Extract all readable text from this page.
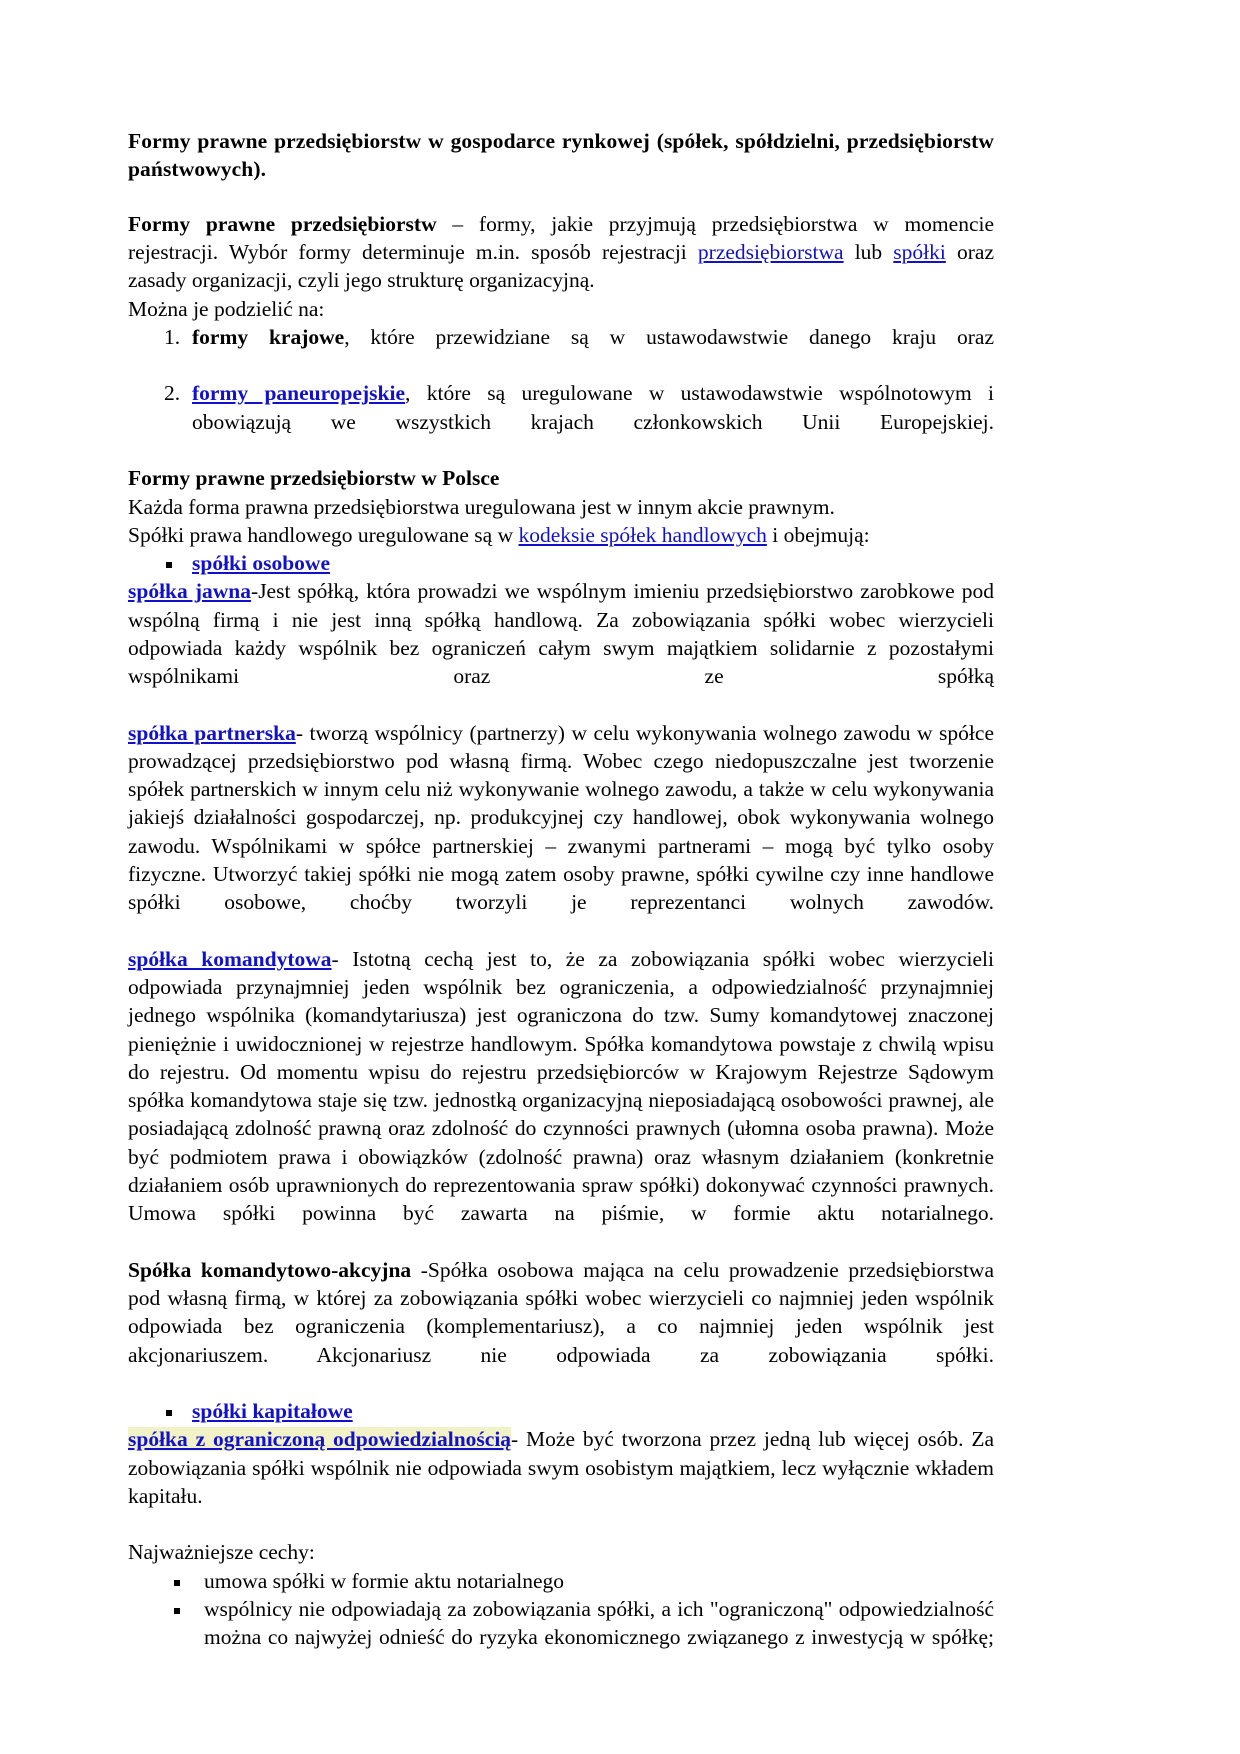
Formy prawne przedsiębiorstw w gospodarce rynkowej (spółek, spółdzielni, przedsiębiorstw państwowych).

Formy prawne przedsiębiorstw – formy, jakie przyjmują przedsiębiorstwa w momencie rejestracji. Wybór formy determinuje m.in. sposób rejestracji przedsiębiorstwa lub spółki oraz zasady organizacji, czyli jego strukturę organizacyjną.

Można je podzielić na:

formy krajowe, które przewidziane są w ustawodawstwie danego kraju oraz
formy paneuropejskie, które są uregulowane w ustawodawstwie wspólnotowym i obowiązują we wszystkich krajach członkowskich Unii Europejskiej.

Formy prawne przedsiębiorstw w Polsce

Każda forma prawna przedsiębiorstwa uregulowana jest w innym akcie prawnym.

Spółki prawa handlowego uregulowane są w kodeksie spółek handlowych i obejmują:

spółki osobowe

spółka jawna-Jest spółką, która prowadzi we wspólnym imieniu przedsiębiorstwo zarobkowe pod wspólną firmą i nie jest inną spółką handlową. Za zobowiązania spółki wobec wierzycieli odpowiada każdy wspólnik bez ograniczeń całym swym majątkiem solidarnie z pozostałymi wspólnikami oraz ze spółką

spółka partnerska- tworzą wspólnicy (partnerzy) w celu wykonywania wolnego zawodu w spółce prowadzącej przedsiębiorstwo pod własną firmą. Wobec czego niedopuszczalne jest tworzenie spółek partnerskich w innym celu niż wykonywanie wolnego zawodu, a także w celu wykonywania jakiejś działalności gospodarczej, np. produkcyjnej czy handlowej, obok wykonywania wolnego zawodu. Wspólnikami w spółce partnerskiej – zwanymi partnerami – mogą być tylko osoby fizyczne. Utworzyć takiej spółki nie mogą zatem osoby prawne, spółki cywilne czy inne handlowe spółki osobowe, choćby tworzyli je reprezentanci wolnych zawodów.

spółka komandytowa- Istotną cechą jest to, że za zobowiązania spółki wobec wierzycieli odpowiada przynajmniej jeden wspólnik bez ograniczenia, a odpowiedzialność przynajmniej jednego wspólnika (komandytariusza) jest ograniczona do tzw. Sumy komandytowej znaczonej pieniężnie i uwidocznionej w rejestrze handlowym. Spółka komandytowa powstaje z chwilą wpisu do rejestru. Od momentu wpisu do rejestru przedsiębiorców w Krajowym Rejestrze Sądowym spółka komandytowa staje się tzw. jednostką organizacyjną nieposiadającą osobowości prawnej, ale posiadającą zdolność prawną oraz zdolność do czynności prawnych (ułomna osoba prawna). Może być podmiotem prawa i obowiązków (zdolność prawna) oraz własnym działaniem (konkretnie działaniem osób uprawnionych do reprezentowania spraw spółki) dokonywać czynności prawnych. Umowa spółki powinna być zawarta na piśmie, w formie aktu notarialnego.

Spółka komandytowo-akcyjna -Spółka osobowa mająca na celu prowadzenie przedsiębiorstwa pod własną firmą, w której za zobowiązania spółki wobec wierzycieli co najmniej jeden wspólnik odpowiada bez ograniczenia (komplementariusz), a co najmniej jeden wspólnik jest akcjonariuszem. Akcjonariusz nie odpowiada za zobowiązania spółki.

spółki kapitałowe

spółka z ograniczoną odpowiedzialnością- Może być tworzona przez jedną lub więcej osób. Za zobowiązania spółki wspólnik nie odpowiada swym osobistym majątkiem, lecz wyłącznie wkładem kapitału.

Najważniejsze cechy:

umowa spółki w formie aktu notarialnego
wspólnicy nie odpowiadają za zobowiązania spółki, a ich "ograniczoną" odpowiedzialność można co najwyżej odnieść do ryzyka ekonomicznego związanego z inwestycją w spółkę;
